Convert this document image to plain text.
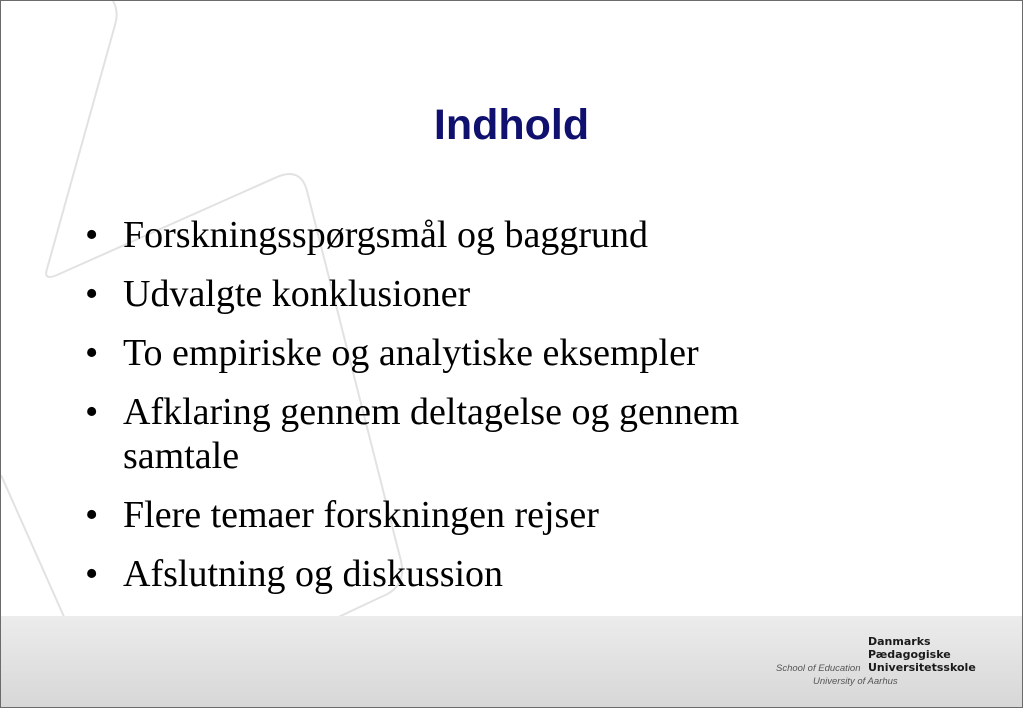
Indhold
• Forskningsspørgsmål og baggrund
• Udvalgte konklusioner
• To empiriske og analytiske eksempler
• Afklaring gennem deltagelse og gennem samtale
• Flere temaer forskningen rejser
• Afslutning og diskussion

Danmarks
Pædagogiske
Universitetsskole

School of Education
University of Aarhus
